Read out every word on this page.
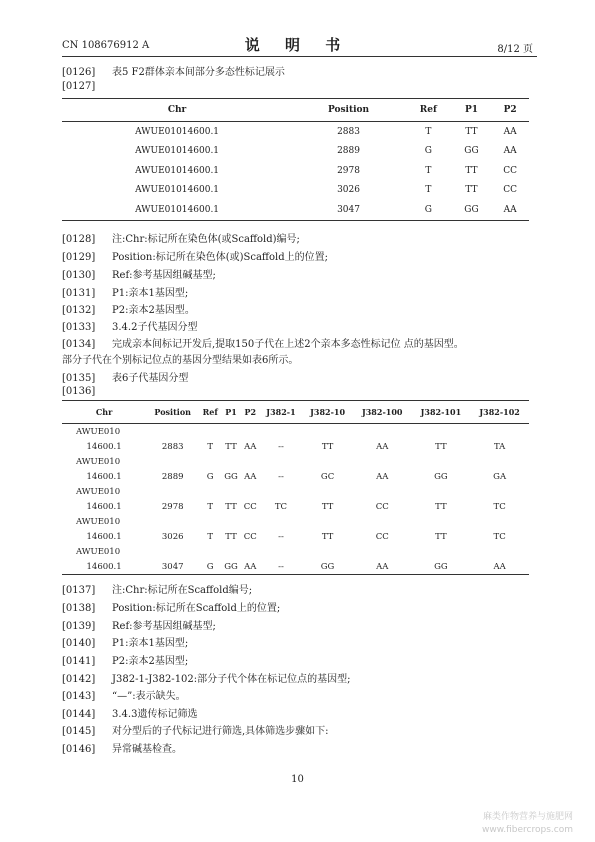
CN 108676912 A	说 明 书	8/12 页
[0126] 表5 F2群体亲本间部分多态性标记展示
[0127]
Chr	Position	Ref	P1	P2
AWUE01014600.1	2883	T	TT	AA
AWUE01014600.1	2889	G	GG	AA
AWUE01014600.1	2978	T	TT	CC
AWUE01014600.1	3026	T	TT	CC
AWUE01014600.1	3047	G	GG	AA
[0128] 注:Chr:标记所在染色体(或Scaffold)编号;
[0129] Position:标记所在染色体(或)Scaffold上的位置;
[0130] Ref:参考基因组碱基型;
[0131] P1:亲本1基因型;
[0132] P2:亲本2基因型。
[0133] 3.4.2子代基因分型
[0134] 完成亲本间标记开发后,提取150子代在上述2个亲本多态性标记位 点的基因型。
部分子代在个别标记位点的基因分型结果如表6所示。
[0135] 表6子代基因分型
[0136]
Chr	Position	Ref	P1	P2	J382-1	J382-10	J382-100	J382-101	J382-102
AWUE010									
14600.1	2883	T	TT	AA	--	TT	AA	TT	TA
AWUE010									
14600.1	2889	G	GG	AA	--	GC	AA	GG	GA
AWUE010									
14600.1	2978	T	TT	CC	TC	TT	CC	TT	TC
AWUE010									
14600.1	3026	T	TT	CC	--	TT	CC	TT	TC
AWUE010									
14600.1	3047	G	GG	AA	--	GG	AA	GG	AA
[0137] 注:Chr:标记所在Scaffold编号;
[0138] Position:标记所在Scaffold上的位置;
[0139] Ref:参考基因组碱基型;
[0140] P1:亲本1基因型;
[0141] P2:亲本2基因型;
[0142] J382-1-J382-102:部分子代个体在标记位点的基因型;
[0143] “—”:表示缺失。
[0144] 3.4.3遗传标记筛选
[0145] 对分型后的子代标记进行筛选,具体筛选步骤如下:
[0146] 异常碱基检查。
10
麻类作物营养与施肥网
www.fibercrops.com
